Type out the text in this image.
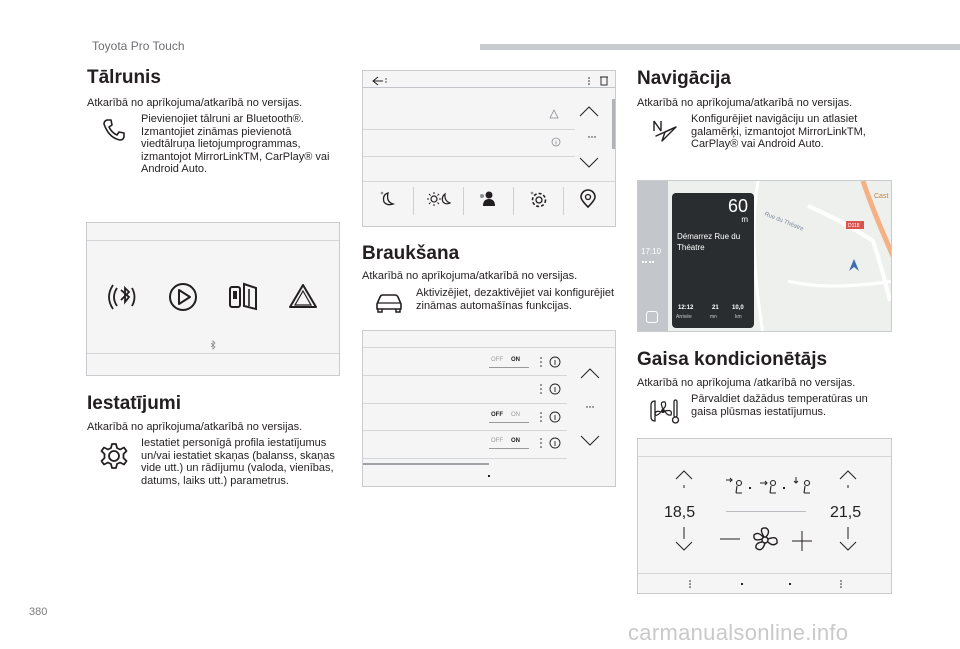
Toyota Pro Touch
380
carmanualsonline.info
Tālrunis
Atkarībā no aprīkojuma/atkarībā no versijas.
Pievienojiet tālruni ar Bluetooth®. Izmantojiet zināmas pievienotā viedtālruņa lietojumprogrammas, izmantojot MirrorLinkTM, CarPlay® vai Android Auto.
Iestatījumi
Atkarībā no aprīkojuma/atkarībā no versijas.
Iestatiet personīgā profila iestatījumus un/vai iestatiet skaņas (balanss, skaņas vide utt.) un rādījumu (valoda, vienības, datums, laiks utt.) parametrus.
Braukšana
Atkarībā no aprīkojuma/atkarībā no versijas.
Aktivizējiet, dezaktivējiet vai konfigurējiet zināmas automašīnas funkcijas.
OFF ON
OFF ON
OFF ON
Navigācija
Atkarībā no aprīkojuma/atkarībā no versijas.
Konfigurējiet navigāciju un atlasiet galamērķi, izmantojot MirrorLinkTM, CarPlay® vai Android Auto.
17:10
D118
Rue du Théatre
Cast
60
m
Démarrez Rue du Théatre
12:12
Arrivée
21
mn
10,0
km
Gaisa kondicionētājs
Atkarībā no aprīkojuma /atkarībā no versijas.
Pārvaldiet dažādus temperatūras un gaisa plūsmas iestatījumus.
18,5	21,5
